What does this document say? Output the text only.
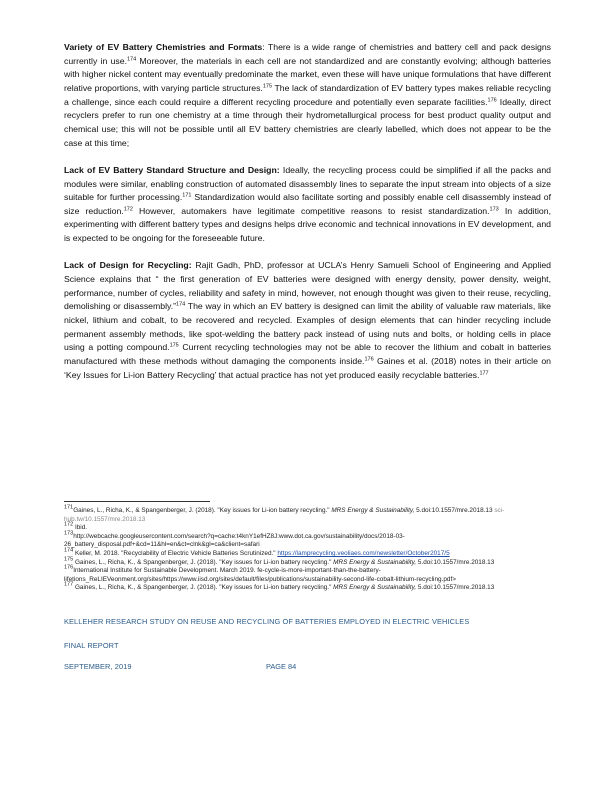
Variety of EV Battery Chemistries and Formats: There is a wide range of chemistries and battery cell and pack designs currently in use.$^{174}$ Moreover, the materials in each cell are not standardized and are constantly evolving; although batteries with higher nickel content may eventually predominate the market, even these will have unique formulations that have different relative proportions, with varying particle structures.$^{175}$ The lack of standardization of EV battery types makes reliable recycling a challenge, since each could require a different recycling procedure and potentially even separate facilities.$^{176}$ Ideally, direct recyclers prefer to run one chemistry at a time through their hydrometallurgical process for best product quality output and chemical use; this will not be possible until all EV battery chemistries are clearly labelled, which does not appear to be the case at this time;

Lack of EV Battery Standard Structure and Design: Ideally, the recycling process could be simplified if all the packs and modules were similar, enabling construction of automated disassembly lines to separate the input stream into objects of a size suitable for further processing.$^{171}$ Standardization would also facilitate sorting and possibly enable cell disassembly instead of size reduction.$^{172}$ However, automakers have legitimate competitive reasons to resist standardization.$^{173}$ In addition, experimenting with different battery types and designs helps drive economic and technical innovations in EV development, and is expected to be ongoing for the foreseeable future.

Lack of Design for Recycling: Rajit Gadh, PhD, professor at UCLA’s Henry Samueli School of Engineering and Applied Science explains that “ the first generation of EV batteries were designed with energy density, power density, weight, performance, number of cycles, reliability and safety in mind, however, not enough thought was given to their reuse, recycling, demolishing or disassembly.”$^{174}$ The way in which an EV battery is designed can limit the ability of valuable raw materials, like nickel, lithium and cobalt, to be recovered and recycled. Examples of design elements that can hinder recycling include permanent assembly methods, like spot-welding the battery pack instead of using nuts and bolts, or holding cells in place using a potting compound.$^{175}$ Current recycling technologies may not be able to recover the lithium and cobalt in batteries manufactured with these methods without damaging the components inside.$^{176}$ Gaines et al. (2018) notes in their article on ‘Key Issues for Li-ion Battery Recycling’ that actual practice has not yet produced easily recyclable batteries.$^{177}$

$^{171}$Gaines, L., Richa, K., & Spangenberger, J. (2018). "Key issues for Li-ion battery recycling." MRS Energy & Sustainability, 5.doi:10.1557/mre.2018.13 sci-hub.tw/10.1557/mre.2018.13

$^{172}$ Ibid.

$^{173}$http://webcache.googleusercontent.com/search?q=cache:t4knY1efHZ8J:www.dot.ca.gov/sustainability/docs/2018-03-26_battery_disposal.pdf+&cd=11&hl=en&ct=clnk&gl=ca&client=safari

$^{174}$ Keller, M. 2018. "Recyclability of Electric Vehicle Batteries Scrutinized." https://lamprecycling.veoliaes.com/newsletter/October2017/5

$^{175}$ Gaines, L., Richa, K., & Spangenberger, J. (2018). "Key issues for Li-ion battery recycling." MRS Energy & Sustainability, 5.doi:10.1557/mre.2018.13

$^{176}$International Institute for Sustainable Development. March 2019. fe-cycle-is-more-important-than-the-battery-lifetions_ReLIEVeonment.org/sites/https://www.iisd.org/sites/default/files/publications/sustainability-second-life-cobalt-lithium-recycling.pdf>

$^{177}$ Gaines, L., Richa, K., & Spangenberger, J. (2018). "Key issues for Li-ion battery recycling." MRS Energy & Sustainability, 5.doi:10.1557/mre.2018.13

KELLEHER RESEARCH STUDY ON REUSE AND RECYCLING OF BATTERIES EMPLOYED IN ELECTRIC VEHICLES
FINAL REPORT
SEPTEMBER, 2019	PAGE 84
